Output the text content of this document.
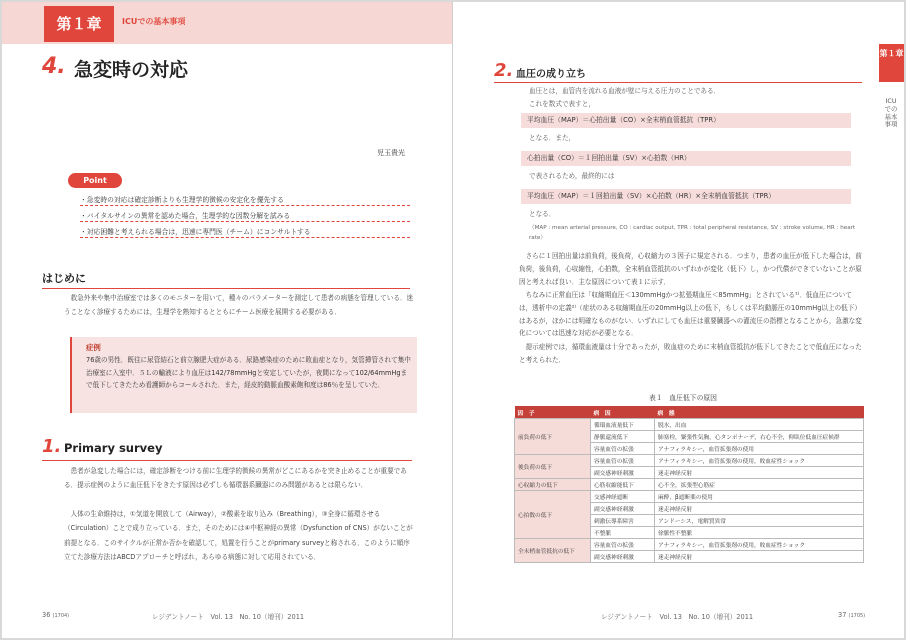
第１章	ICUでの基本事項
4. 急変時の対応
児玉貴光
Point
・急変時の対応は確定診断よりも生理学的徴候の安定化を優先する
・バイタルサインの異常を認めた場合，生理学的な因数分解を試みる
・対応困難と考えられる場合は，迅速に専門医（チーム）にコンサルトする
はじめに
救急外来や集中治療室では多くのモニターを用いて，種々のパラメーターを測定して患者の病態を管理している．迷うことなく診療するためには，生理学を熟知するとともにチーム医療を展開する必要がある．
症例
76歳の男性．既往に尿管結石と前立腺肥大症がある．尿路感染症のために敗血症となり，気管挿管されて集中治療室に入室中．５Ｌの輸液により血圧は142/78mmHgと安定していたが，夜間になって102/64mmHgまで低下してきたため看護師からコールされた．また，経皮的動脈血酸素飽和度は86％を呈していた．
1. Primary survey
患者が急変した場合には，確定診断をつける前に生理学的徴候の異常がどこにあるかを突き止めることが重要である．提示症例のように血圧低下をきたす原因は必ずしも循環器系臓器にのみ問題があるとは限らない．
人体の生命維持は，①気道を開放して（Airway），②酸素を取り込み（Breathing），③全身に循環させる（Circulation）ことで成り立っている．また，そのためには④中枢神経の異常（Dysfunction of CNS）がないことが前提となる．このサイクルが正常か否かを確認して，処置を行うことがprimary surveyと称される．このように順序立てた診療方法はABCDアプローチと呼ばれ，あらゆる病態に対して応用されている．
36 (1704)	レジデントノート　Vol. 13　No. 10（増刊）2011
2. 血圧の成り立ち
血圧とは，血管内を流れる血液が壁に与える圧力のことである．
これを数式で表すと，
平均血圧（MAP）＝心拍出量（CO）×全末梢血管抵抗（TPR）
となる．また，
心拍出量（CO）＝１回拍出量（SV）×心拍数（HR）
で表されるため，最終的には
平均血圧（MAP）＝１回拍出量（SV）×心拍数（HR）×全末梢血管抵抗（TPR）
となる．
（MAP : mean arterial pressure, CO : cardiac output, TPR : total peripheral resistance, SV : stroke volume, HR : heart rate）
さらに１回拍出量は前負荷，後負荷，心収縮力の３因子に規定される．つまり，患者の血圧が低下した場合は，前負荷，後負荷，心収縮性，心拍数，全末梢血管抵抗のいずれかが変化（低下）し，かつ代償ができていないことが原因と考えれば良い．主な原因について表１に示す．
ちなみに正常血圧は「収縮期血圧＜130mmHgかつ拡張期血圧＜85mmHg」とされている¹⁾．低血圧については，透析中の定義²⁾（症状のある収縮期血圧の20mmHg以上の低下，もしくは平均動脈圧の10mmHg以上の低下）はあるが，ほかには明確なものがない．いずれにしても血圧は重要臓器への灌流圧の指標となることから，急激な変化については迅速な対応が必要となる．
提示症例では，循環血液量は十分であったが，敗血症のために末梢血管抵抗が低下してきたことで低血圧になったと考えられた．
表１　血圧低下の原因
因　子	病　因	病　態
前負荷の低下	循環血液量低下	脱水，出血
	静脈還流低下	肺塞栓，緊張性気胸，心タンポナーデ，右心不全，仰臥位低血圧症候群
	容量血管の拡張	アナフィラキシー，血管拡張剤の使用
後負荷の低下	容量血管の拡張	アナフィラキシー，血管拡張剤の使用，敗血症性ショック
	副交感神経刺激	迷走神経反射
心収縮力の低下	心筋収縮能低下	心不全，拡張型心筋症
心拍数の低下	交感神経遮断	麻酔，β遮断薬の使用
	副交感神経刺激	迷走神経反射
	刺激伝導系障害	アンドーシス，電解質異常
	不整脈	徐脈性不整脈
全末梢血管抵抗の低下	容量血管の拡張	アナフィラキシー，血管拡張剤の使用，敗血症性ショック
	副交感神経刺激	迷走神経反射
第１章
ICUでの基本事項
レジデントノート　Vol. 13　No. 10（増刊）2011	37 (1705)
